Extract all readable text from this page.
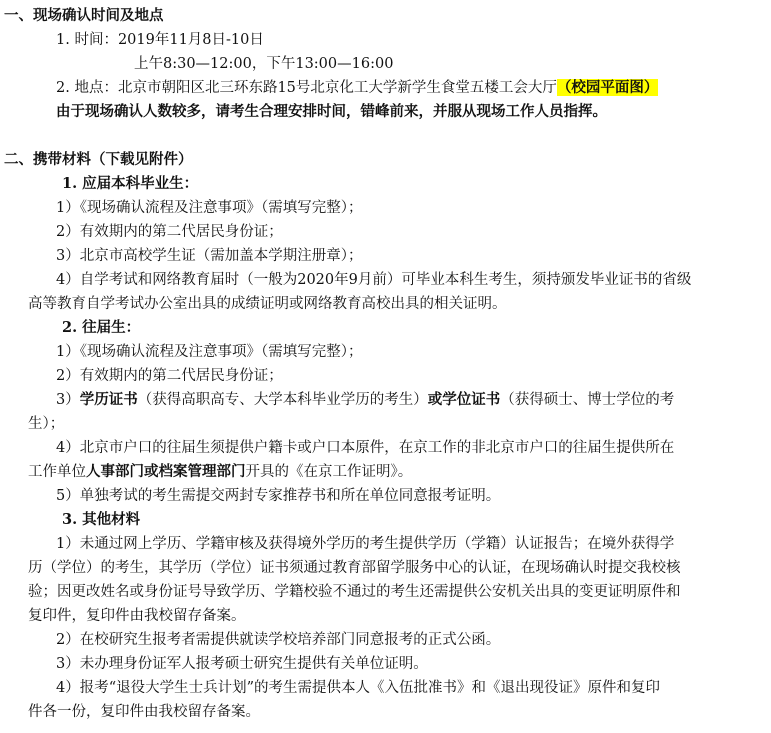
一、现场确认时间及地点
1. 时间：2019年11月8日-10日
上午8:30—12:00，下午13:00—16:00
2. 地点：北京市朝阳区北三环东路15号北京化工大学新学生食堂五楼工会大厅（校园平面图）
由于现场确认人数较多，请考生合理安排时间，错峰前来，并服从现场工作人员指挥。
二、携带材料（下载见附件）
1. 应届本科毕业生：
1）《现场确认流程及注意事项》（需填写完整）；
2）有效期内的第二代居民身份证；
3）北京市高校学生证（需加盖本学期注册章）；
4）自学考试和网络教育届时（一般为2020年9月前）可毕业本科生考生，须持颁发毕业证书的省级
高等教育自学考试办公室出具的成绩证明或网络教育高校出具的相关证明。
2. 往届生：
1）《现场确认流程及注意事项》（需填写完整）；
2）有效期内的第二代居民身份证；
3）学历证书（获得高职高专、大学本科毕业学历的考生）或学位证书（获得硕士、博士学位的考
生）；
4）北京市户口的往届生须提供户籍卡或户口本原件，在京工作的非北京市户口的往届生提供所在
工作单位人事部门或档案管理部门开具的《在京工作证明》。
5）单独考试的考生需提交两封专家推荐书和所在单位同意报考证明。
3. 其他材料
1）未通过网上学历、学籍审核及获得境外学历的考生提供学历（学籍）认证报告；在境外获得学
历（学位）的考生，其学历（学位）证书须通过教育部留学服务中心的认证，在现场确认时提交我校核
验；因更改姓名或身份证号导致学历、学籍校验不通过的考生还需提供公安机关出具的变更证明原件和
复印件，复印件由我校留存备案。
2）在校研究生报考者需提供就读学校培养部门同意报考的正式公函。
3）未办理身份证军人报考硕士研究生提供有关单位证明。
4）报考“退役大学生士兵计划”的考生需提供本人《入伍批准书》和《退出现役证》原件和复印
件各一份，复印件由我校留存备案。
